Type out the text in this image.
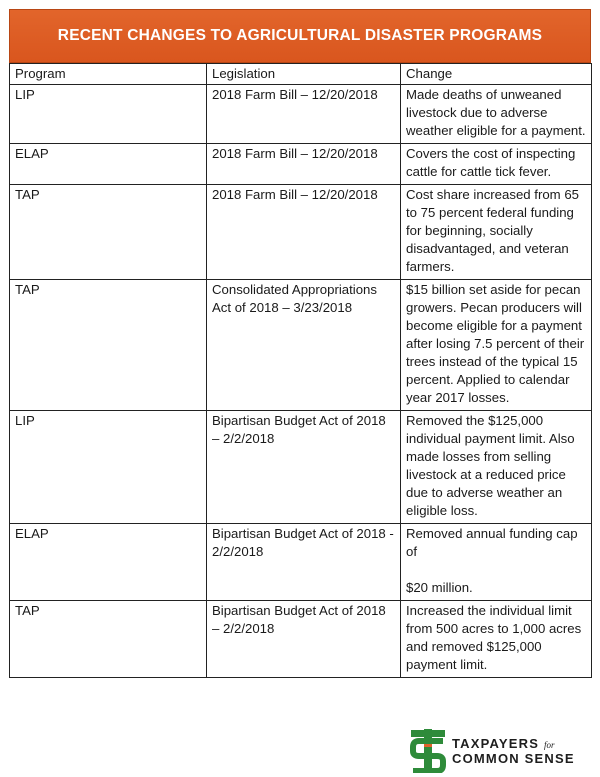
RECENT CHANGES TO AGRICULTURAL DISASTER PROGRAMS
Program	Legislation	Change
LIP	2018 Farm Bill – 12/20/2018	Made deaths of unweaned livestock due to adverse weather eligible for a payment.
ELAP	2018 Farm Bill – 12/20/2018	Covers the cost of inspecting cattle for cattle tick fever.
TAP	2018 Farm Bill – 12/20/2018	Cost share increased from 65 to 75 percent federal funding for beginning, socially disadvantaged, and veteran farmers.
TAP	Consolidated Appropriations Act of 2018 – 3/23/2018	$15 billion set aside for pecan growers. Pecan producers will become eligible for a payment after losing 7.5 percent of their trees instead of the typical 15 percent. Applied to calendar year 2017 losses.
LIP	Bipartisan Budget Act of 2018 – 2/2/2018	Removed the $125,000 individual payment limit. Also made losses from selling livestock at a reduced price due to adverse weather an eligible loss.
ELAP	Bipartisan Budget Act of 2018 - 2/2/2018	Removed annual funding cap of

$20 million.
TAP	Bipartisan Budget Act of 2018 – 2/2/2018	Increased the individual limit from 500 acres to 1,000 acres and removed $125,000 payment limit.
TAXPAYERS for
COMMON SENSE
